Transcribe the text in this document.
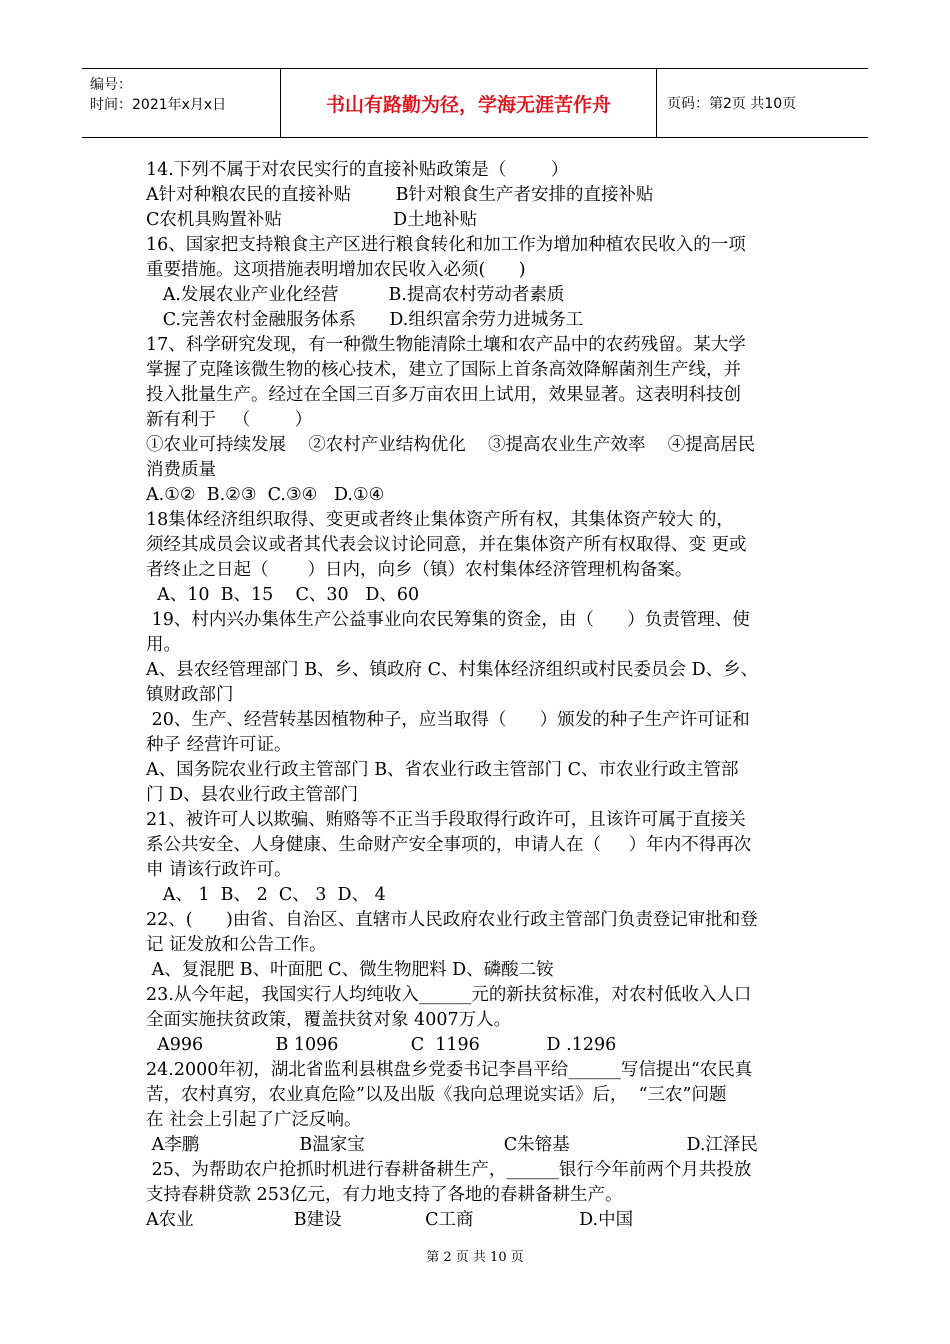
编号：
时间：2021年x月x日	书山有路勤为径，学海无涯苦作舟	页码：第2页 共10页
14.下列不属于对农民实行的直接补贴政策是（        ）
A针对种粮农民的直接补贴        B针对粮食生产者安排的直接补贴
C农机具购置补贴                    D土地补贴
16、国家把支持粮食主产区进行粮食转化和加工作为增加种植农民收入的一项
重要措施。这项措施表明增加农民收入必须(      )
A.发展农业产业化经营         B.提高农村劳动者素质
C.完善农村金融服务体系      D.组织富余劳力进城务工
17、科学研究发现，有一种微生物能清除土壤和农产品中的农药残留。某大学
掌握了克隆该微生物的核心技术，建立了国际上首条高效降解菌剂生产线，并
投入批量生产。经过在全国三百多万亩农田上试用，效果显著。这表明科技创
新有利于   （        ）
①农业可持续发展    ②农村产业结构优化    ③提高农业生产效率    ④提高居民
消费质量
A.①②  B.②③  C.③④   D.①④
18集体经济组织取得、变更或者终止集体资产所有权，其集体资产较大 的，
须经其成员会议或者其代表会议讨论同意，并在集体资产所有权取得、变 更或
者终止之日起（       ）日内，向乡（镇）农村集体经济管理机构备案。
A、10  B、15    C、30   D、60
19、村内兴办集体生产公益事业向农民筹集的资金，由（      ）负责管理、使
用。
A、县农经管理部门 B、乡、镇政府 C、村集体经济组织或村民委员会 D、乡、
镇财政部门
20、生产、经营转基因植物种子，应当取得（      ）颁发的种子生产许可证和
种子 经营许可证。
A、国务院农业行政主管部门 B、省农业行政主管部门 C、市农业行政主管部
门 D、县农业行政主管部门
21、被许可人以欺骗、贿赂等不正当手段取得行政许可，且该许可属于直接关
系公共安全、人身健康、生命财产安全事项的，申请人在（     ）年内不得再次
申 请该行政许可。
A、 1  B、 2  C、 3  D、 4
22、(      )由省、自治区、直辖市人民政府农业行政主管部门负责登记审批和登
记 证发放和公告工作。
A、复混肥 B、叶面肥 C、微生物肥料 D、磷酸二铵
23.从今年起，我国实行人均纯收入______元的新扶贫标准，对农村低收入人口
全面实施扶贫政策，覆盖扶贫对象 4007万人。
A996             B 1096             C  1196            D .1296
24.2000年初，湖北省监利县棋盘乡党委书记李昌平给______写信提出“农民真
苦，农村真穷，农业真危险”以及出版《我向总理说实话》后，  “三农”问题
在 社会上引起了广泛反响。
A李鹏                  B温家宝                         C朱镕基                     D.江泽民
25、为帮助农户抢抓时机进行春耕备耕生产，______银行今年前两个月共投放
支持春耕贷款 253亿元，有力地支持了各地的春耕备耕生产。
A农业                  B建设               C工商                   D.中国
第 2 页 共 10 页
